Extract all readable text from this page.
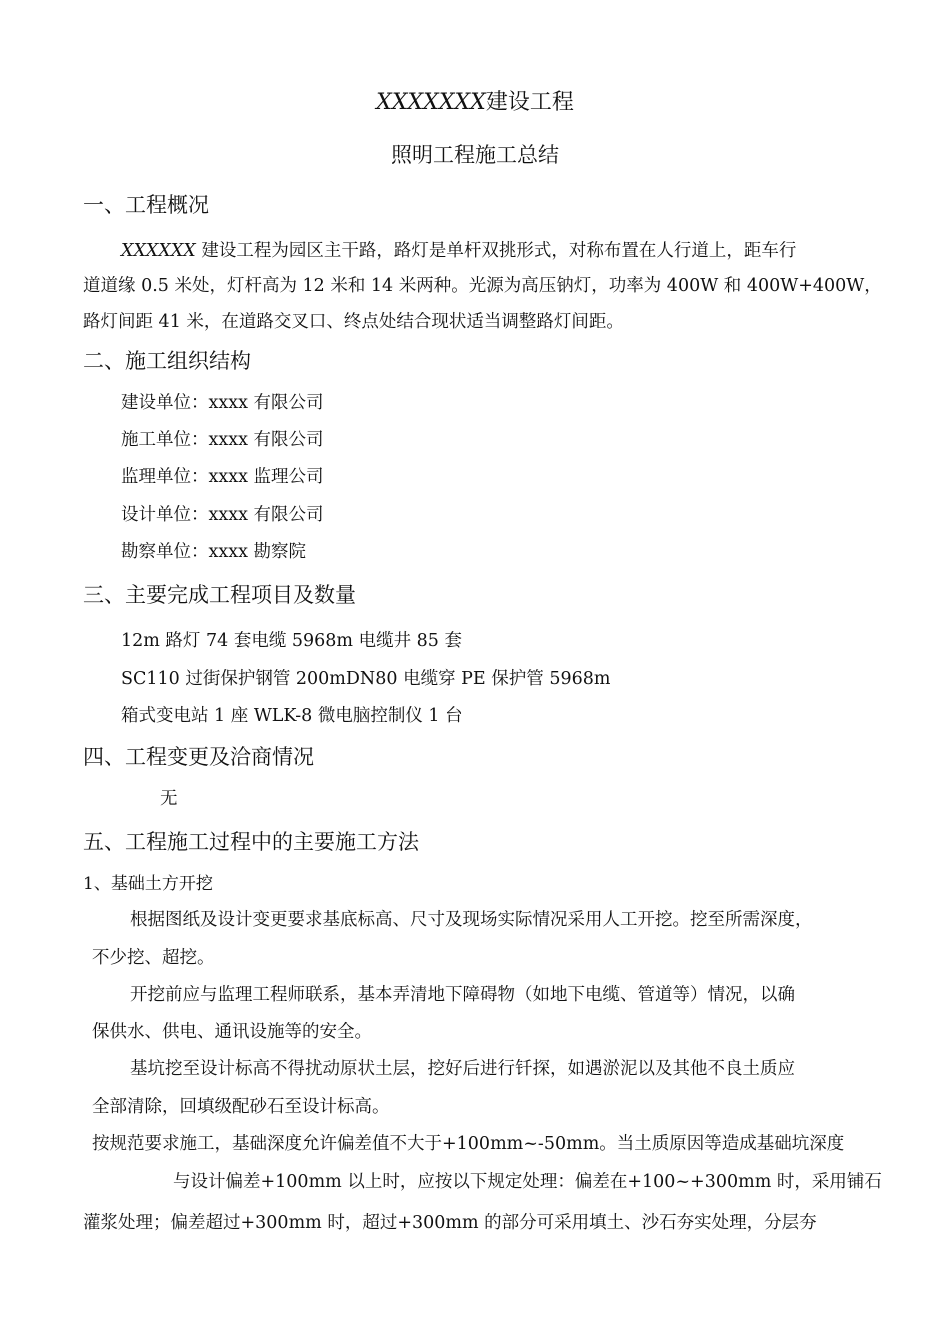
XXXXXXX建设工程
照明工程施工总结
一、工程概况
XXXXXX 建设工程为园区主干路，路灯是单杆双挑形式，对称布置在人行道上，距车行
道道缘 0.5 米处，灯杆高为 12 米和 14 米两种。光源为高压钠灯，功率为 400W 和 400W+400W，
路灯间距 41 米，在道路交叉口、终点处结合现状适当调整路灯间距。
二、施工组织结构
建设单位：xxxx 有限公司
施工单位：xxxx 有限公司
监理单位：xxxx 监理公司
设计单位：xxxx 有限公司
勘察单位：xxxx 勘察院
三、主要完成工程项目及数量
12m 路灯 74 套电缆 5968m 电缆井 85 套
SC110 过街保护钢管 200mDN80 电缆穿 PE 保护管 5968m
箱式变电站 1 座 WLK-8 微电脑控制仪 1 台
四、工程变更及洽商情况
无
五、工程施工过程中的主要施工方法
1、基础土方开挖
根据图纸及设计变更要求基底标高、尺寸及现场实际情况采用人工开挖。挖至所需深度，
不少挖、超挖。
开挖前应与监理工程师联系，基本弄清地下障碍物（如地下电缆、管道等）情况，以确
保供水、供电、通讯设施等的安全。
基坑挖至设计标高不得扰动原状土层，挖好后进行钎探，如遇淤泥以及其他不良土质应
全部清除，回填级配砂石至设计标高。
按规范要求施工，基础深度允许偏差值不大于+100mm~-50mm。当土质原因等造成基础坑深度
与设计偏差+100mm 以上时，应按以下规定处理：偏差在+100~+300mm 时，采用铺石
灌浆处理；偏差超过+300mm 时，超过+300mm 的部分可采用填土、沙石夯实处理，分层夯
